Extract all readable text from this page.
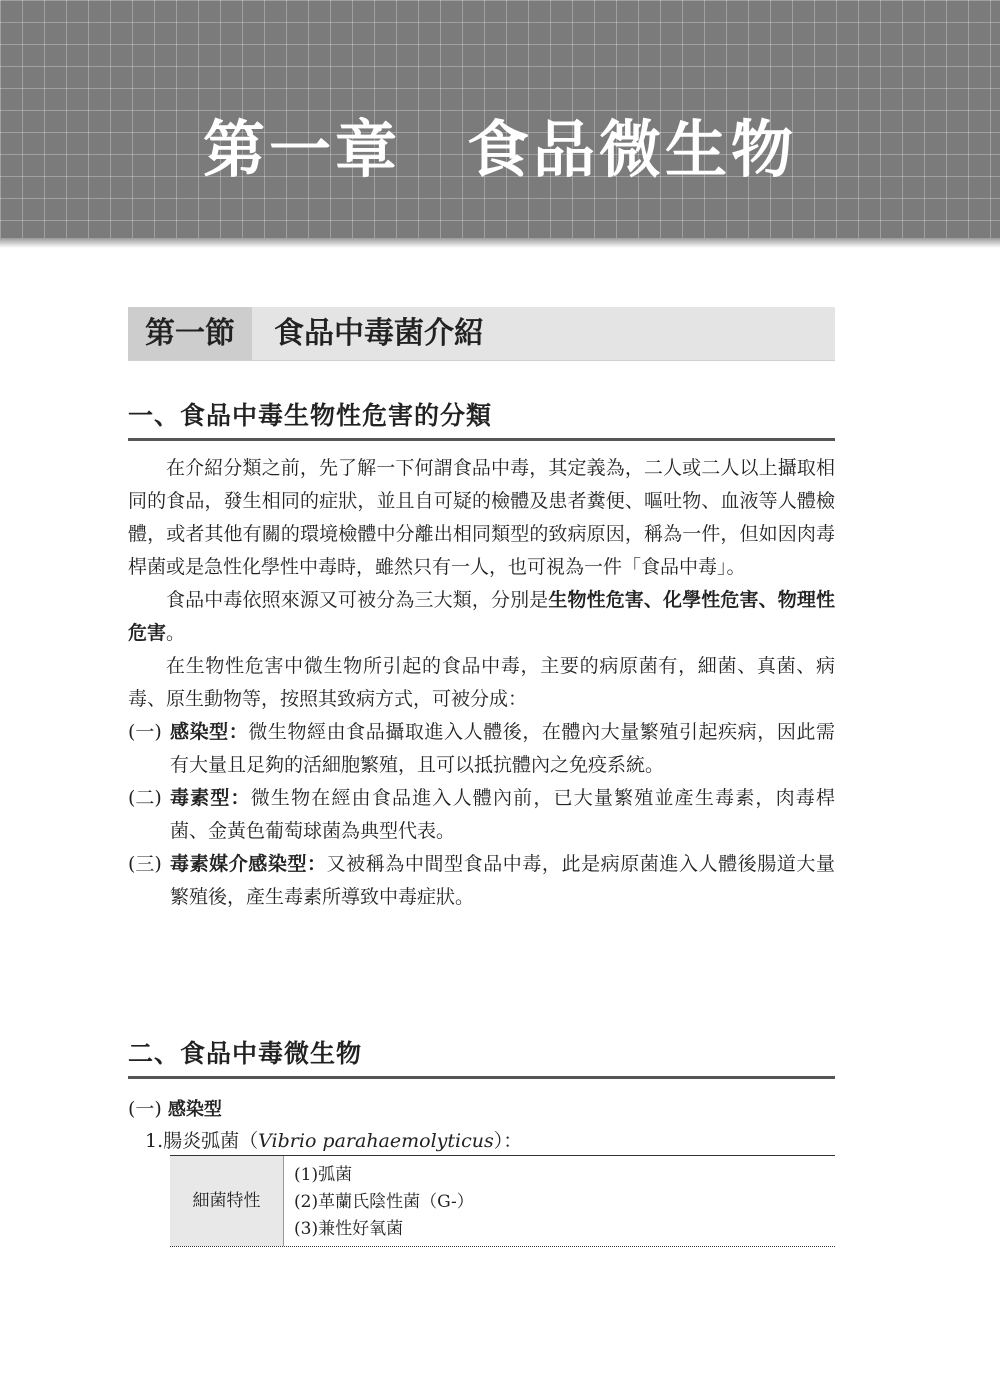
第一章　食品微生物
第一節	食品中毒菌介紹
一、食品中毒生物性危害的分類

在介紹分類之前，先了解一下何謂食品中毒，其定義為，二人或二人以上攝取相同的食品，發生相同的症狀，並且自可疑的檢體及患者糞便、嘔吐物、血液等人體檢體，或者其他有關的環境檢體中分離出相同類型的致病原因，稱為一件，但如因肉毒桿菌或是急性化學性中毒時，雖然只有一人，也可視為一件「食品中毒」。

食品中毒依照來源又可被分為三大類，分別是生物性危害、化學性危害、物理性危害。

在生物性危害中微生物所引起的食品中毒，主要的病原菌有，細菌、真菌、病毒、原生動物等，按照其致病方式，可被分成：

(一) 感染型：微生物經由食品攝取進入人體後，在體內大量繁殖引起疾病，因此需有大量且足夠的活細胞繁殖，且可以抵抗體內之免疫系統。
(二) 毒素型：微生物在經由食品進入人體內前，已大量繁殖並產生毒素，肉毒桿菌、金黃色葡萄球菌為典型代表。
(三) 毒素媒介感染型：又被稱為中間型食品中毒，此是病原菌進入人體後腸道大量繁殖後，產生毒素所導致中毒症狀。
二、食品中毒微生物
(一) 感染型
1.腸炎弧菌（Vibrio parahaemolyticus）：
細菌特性
(1)弧菌
(2)革蘭氏陰性菌（G-）
(3)兼性好氧菌
